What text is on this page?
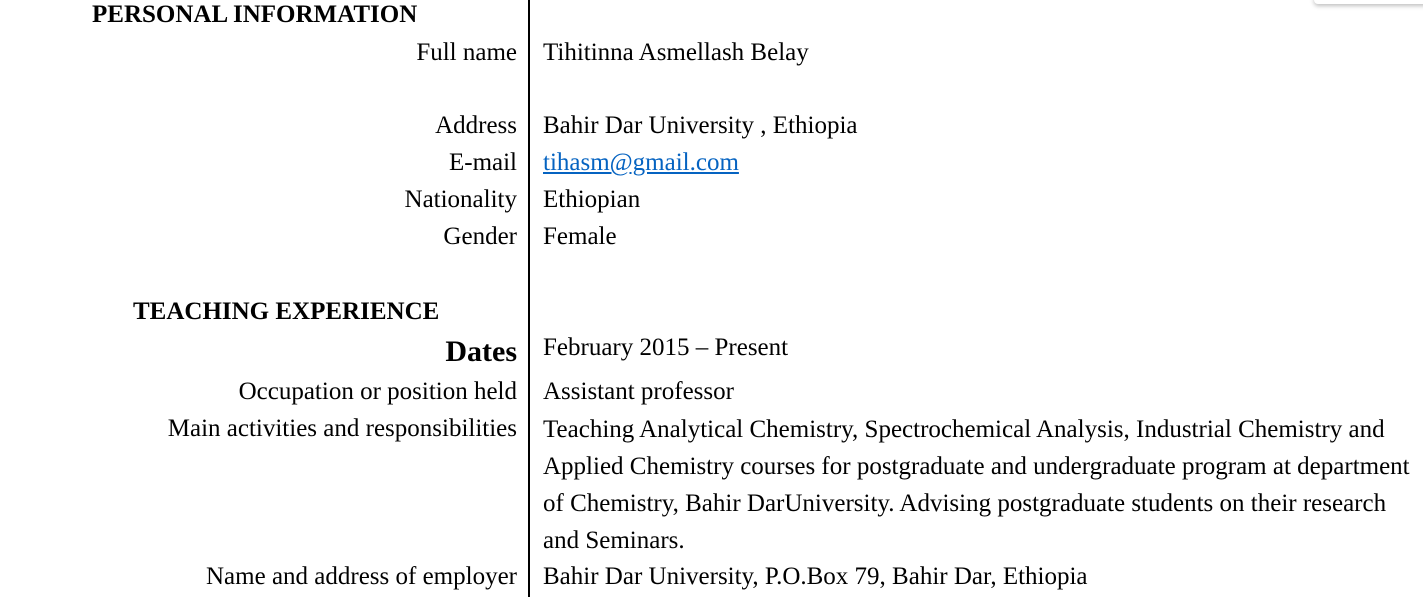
PERSONAL INFORMATION
Full name Tihitinna Asmellash Belay
Address Bahir Dar University , Ethiopia
E-mail tihasm@gmail.com
Nationality Ethiopian
Gender Female
TEACHING EXPERIENCE
Dates February 2015 – Present
Occupation or position held Assistant professor
Main activities and responsibilities Teaching Analytical Chemistry, Spectrochemical Analysis, Industrial Chemistry and Applied Chemistry courses for postgraduate and undergraduate program at department of Chemistry, Bahir DarUniversity. Advising postgraduate students on their research and Seminars.
Name and address of employer Bahir Dar University, P.O.Box 79, Bahir Dar, Ethiopia
